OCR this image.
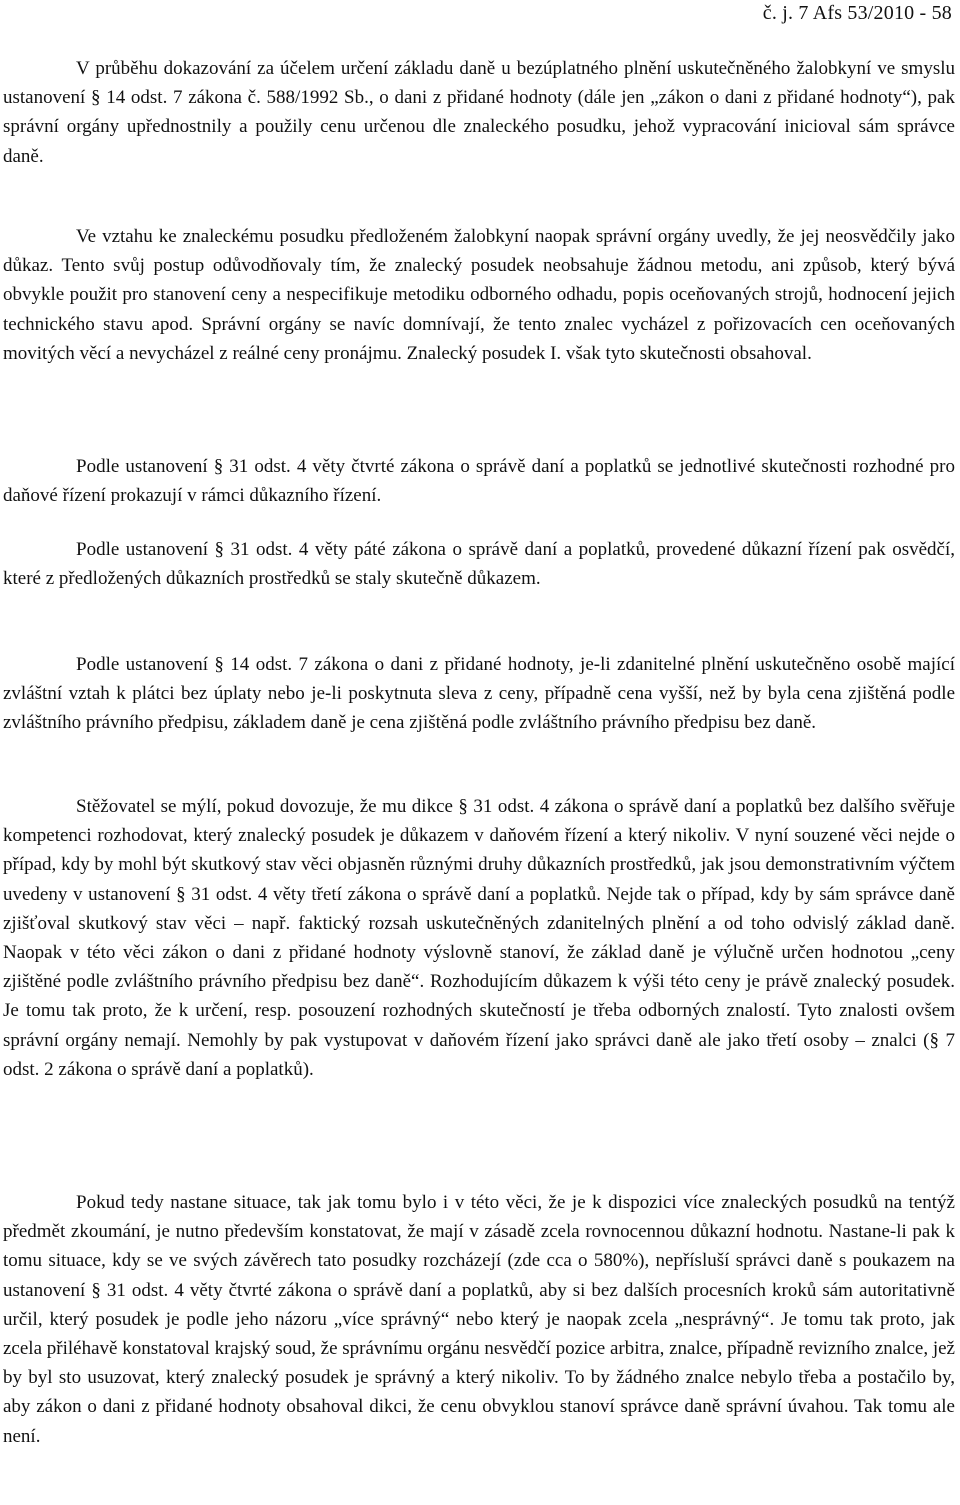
č. j. 7 Afs 53/2010 - 58

V průběhu dokazování za účelem určení základu daně u bezúplatného plnění uskutečněného žalobkyní ve smyslu ustanovení § 14 odst. 7 zákona č. 588/1992 Sb., o dani z přidané hodnoty (dále jen „zákon o dani z přidané hodnoty“), pak správní orgány upřednostnily a použily cenu určenou dle znaleckého posudku, jehož vypracování inicioval sám správce daně.

Ve vztahu ke znaleckému posudku předloženém žalobkyní naopak správní orgány uvedly, že jej neosvědčily jako důkaz. Tento svůj postup odůvodňovaly tím, že znalecký posudek neobsahuje žádnou metodu, ani způsob, který bývá obvykle použit pro stanovení ceny a nespecifikuje metodiku odborného odhadu, popis oceňovaných strojů, hodnocení jejich technického stavu apod. Správní orgány se navíc domnívají, že tento znalec vycházel z pořizovacích cen oceňovaných movitých věcí a nevycházel z reálné ceny pronájmu. Znalecký posudek I. však tyto skutečnosti obsahoval.

Podle ustanovení § 31 odst. 4 věty čtvrté zákona o správě daní a poplatků se jednotlivé skutečnosti rozhodné pro daňové řízení prokazují v rámci důkazního řízení.

Podle ustanovení § 31 odst. 4 věty páté zákona o správě daní a poplatků, provedené důkazní řízení pak osvědčí, které z předložených důkazních prostředků se staly skutečně důkazem.

Podle ustanovení § 14 odst. 7 zákona o dani z přidané hodnoty, je-li zdanitelné plnění uskutečněno osobě mající zvláštní vztah k plátci bez úplaty nebo je-li poskytnuta sleva z ceny, případně cena vyšší, než by byla cena zjištěná podle zvláštního právního předpisu, základem daně je cena zjištěná podle zvláštního právního předpisu bez daně.

Stěžovatel se mýlí, pokud dovozuje, že mu dikce § 31 odst. 4 zákona o správě daní a poplatků bez dalšího svěřuje kompetenci rozhodovat, který znalecký posudek je důkazem v daňovém řízení a který nikoliv. V nyní souzené věci nejde o případ, kdy by mohl být skutkový stav věci objasněn různými druhy důkazních prostředků, jak jsou demonstrativním výčtem uvedeny v ustanovení § 31 odst. 4 věty třetí zákona o správě daní a poplatků. Nejde tak o případ, kdy by sám správce daně zjišťoval skutkový stav věci – např. faktický rozsah uskutečněných zdanitelných plnění a od toho odvislý základ daně. Naopak v této věci zákon o dani z přidané hodnoty výslovně stanoví, že základ daně je výlučně určen hodnotou „ceny zjištěné podle zvláštního právního předpisu bez daně“. Rozhodujícím důkazem k výši této ceny je právě znalecký posudek. Je tomu tak proto, že k určení, resp. posouzení rozhodných skutečností je třeba odborných znalostí. Tyto znalosti ovšem správní orgány nemají. Nemohly by pak vystupovat v daňovém řízení jako správci daně ale jako třetí osoby – znalci (§ 7 odst. 2 zákona o správě daní a poplatků).

Pokud tedy nastane situace, tak jak tomu bylo i v této věci, že je k dispozici více znaleckých posudků na tentýž předmět zkoumání, je nutno především konstatovat, že mají v zásadě zcela rovnocennou důkazní hodnotu. Nastane-li pak k tomu situace, kdy se ve svých závěrech tato posudky rozcházejí (zde cca o 580%), nepřísluší správci daně s poukazem na ustanovení § 31 odst. 4 věty čtvrté zákona o správě daní a poplatků, aby si bez dalších procesních kroků sám autoritativně určil, který posudek je podle jeho názoru „více správný“ nebo který je naopak zcela „nesprávný“. Je tomu tak proto, jak zcela přiléhavě konstatoval krajský soud, že správnímu orgánu nesvědčí pozice arbitra, znalce, případně revizního znalce, jež by byl sto usuzovat, který znalecký posudek je správný a který nikoliv. To by žádného znalce nebylo třeba a postačilo by, aby zákon o dani z přidané hodnoty obsahoval dikci, že cenu obvyklou stanoví správce daně správní úvahou. Tak tomu ale není.
